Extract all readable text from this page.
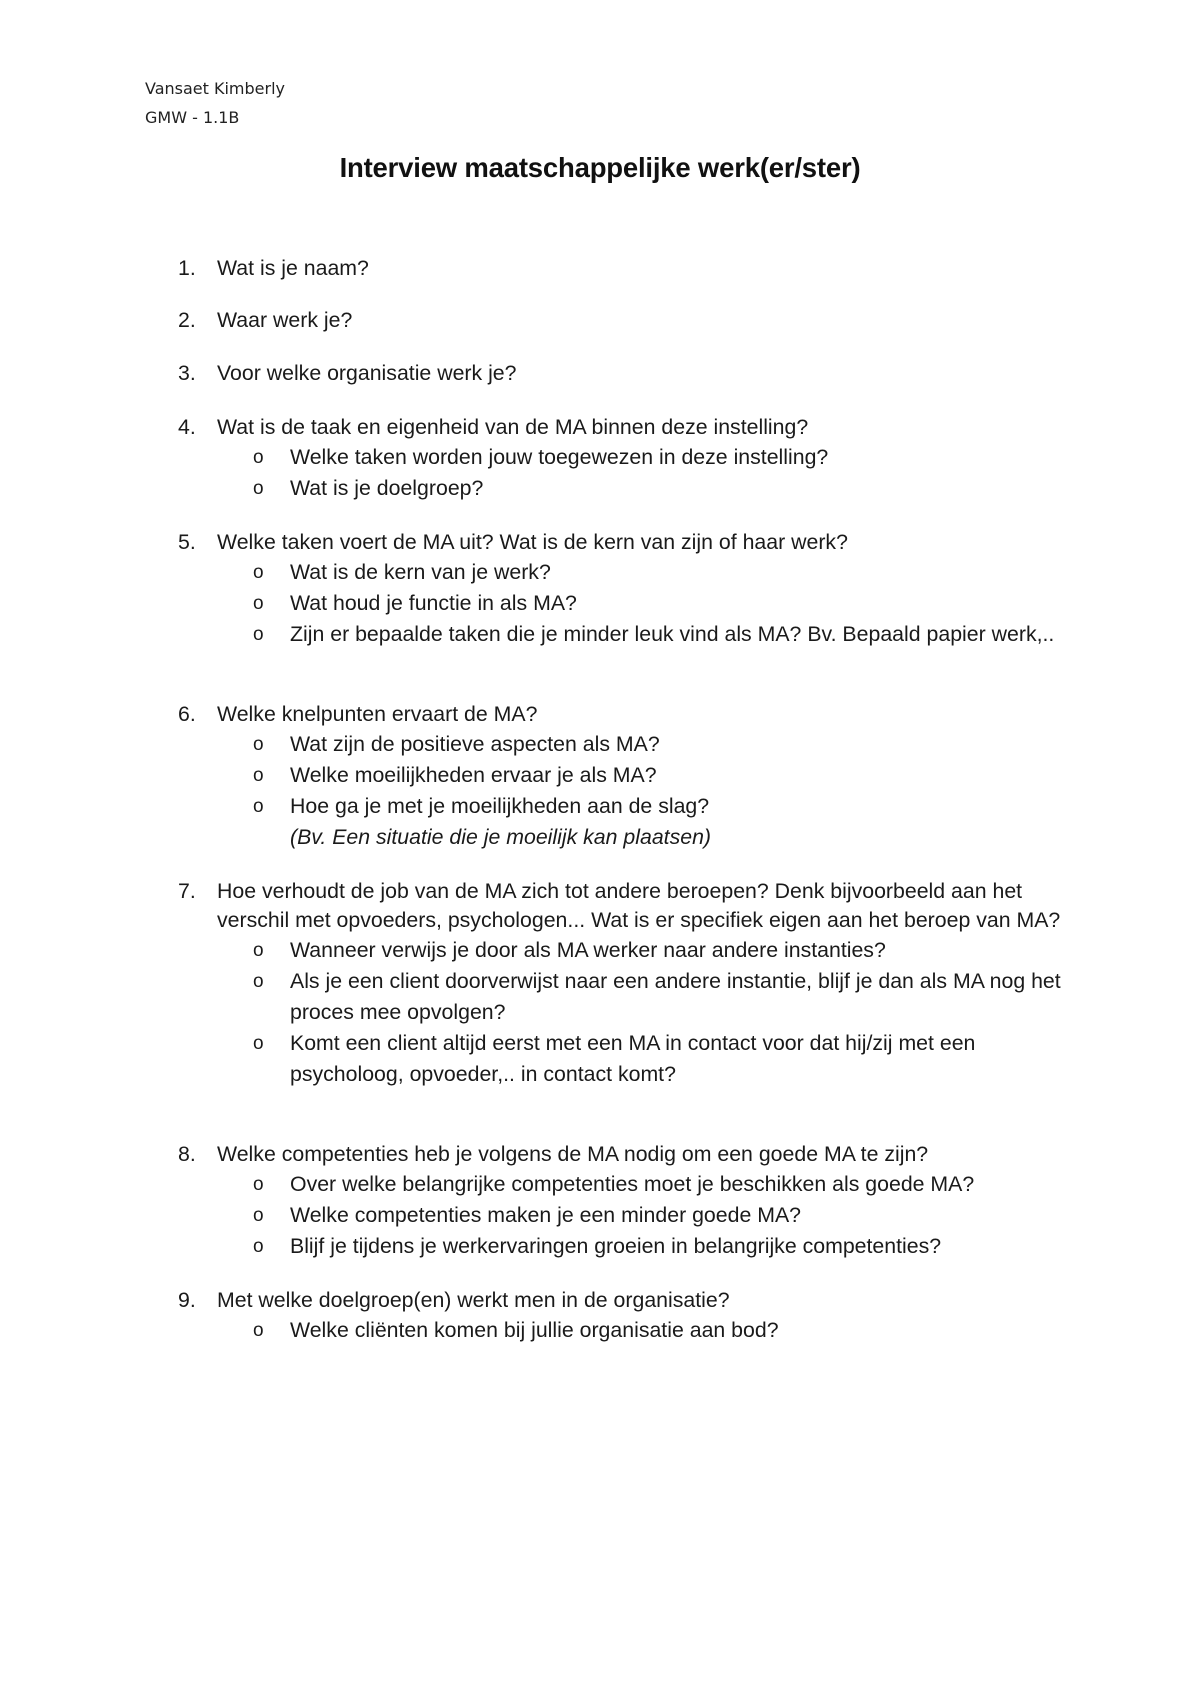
Vansaet Kimberly
GMW - 1.1B
Interview maatschappelijke werk(er/ster)
1. Wat is je naam?
2. Waar werk je?
3. Voor welke organisatie werk je?
4. Wat is de taak en eigenheid van de MA binnen deze instelling?
o Welke taken worden jouw toegewezen in deze instelling?
o Wat is je doelgroep?
5. Welke taken voert de MA uit? Wat is de kern van zijn of haar werk?
o Wat is de kern van je werk?
o Wat houd je functie in als MA?
o Zijn er bepaalde taken die je minder leuk vind als MA? Bv. Bepaald papier werk,..
6. Welke knelpunten ervaart de MA?
o Wat zijn de positieve aspecten als MA?
o Welke moeilijkheden ervaar je als MA?
o Hoe ga je met je moeilijkheden aan de slag?
(Bv. Een situatie die je moeilijk kan plaatsen)
7. Hoe verhoudt de job van de MA zich tot andere beroepen? Denk bijvoorbeeld aan het verschil met opvoeders, psychologen... Wat is er specifiek eigen aan het beroep van MA?
o Wanneer verwijs je door als MA werker naar andere instanties?
o Als je een client doorverwijst naar een andere instantie, blijf je dan als MA nog het proces mee opvolgen?
o Komt een client altijd eerst met een MA in contact voor dat hij/zij met een psycholoog, opvoeder,.. in contact komt?
8. Welke competenties heb je volgens de MA nodig om een goede MA te zijn?
o Over welke belangrijke competenties moet je beschikken als goede MA?
o Welke competenties maken je een minder goede MA?
o Blijf je tijdens je werkervaringen groeien in belangrijke competenties?
9. Met welke doelgroep(en) werkt men in de organisatie?
o Welke cliënten komen bij jullie organisatie aan bod?
